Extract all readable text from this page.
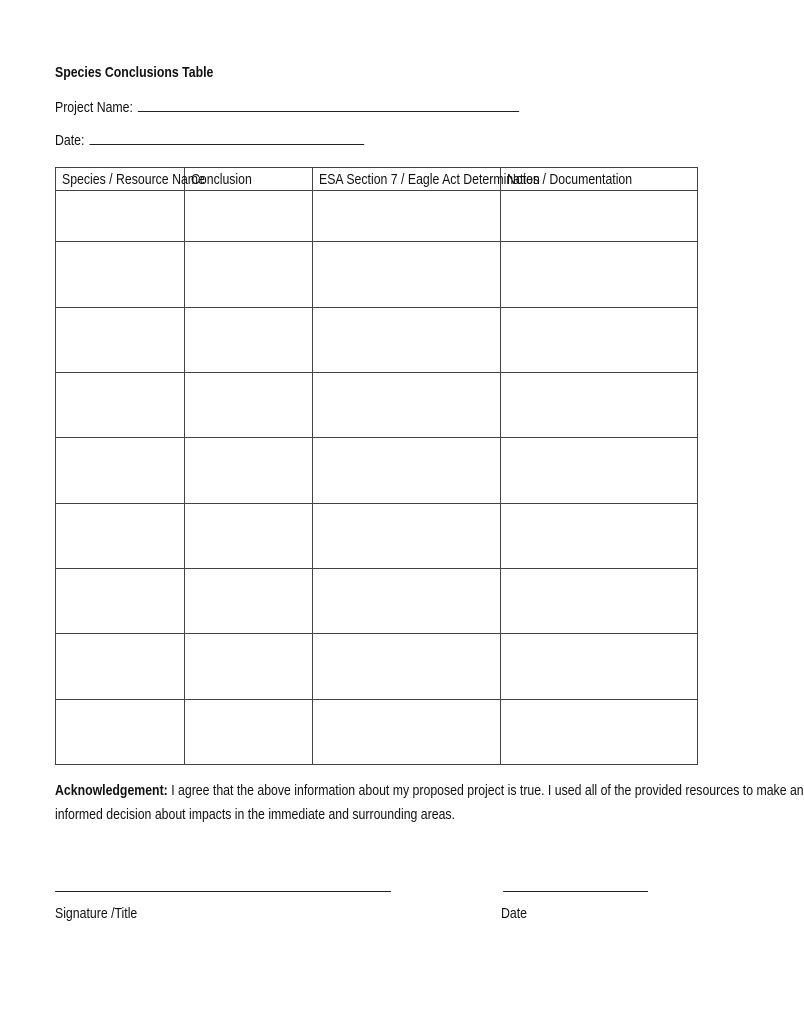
Species Conclusions Table
Project Name:
Date:
Species / Resource Name	Conclusion	ESA Section 7 / Eagle Act Determination	Notes / Documentation

Acknowledgement: I agree that the above information about my proposed project is true. I used all of the provided resources to make an
informed decision about impacts in the immediate and surrounding areas.
Signature /Title	Date
